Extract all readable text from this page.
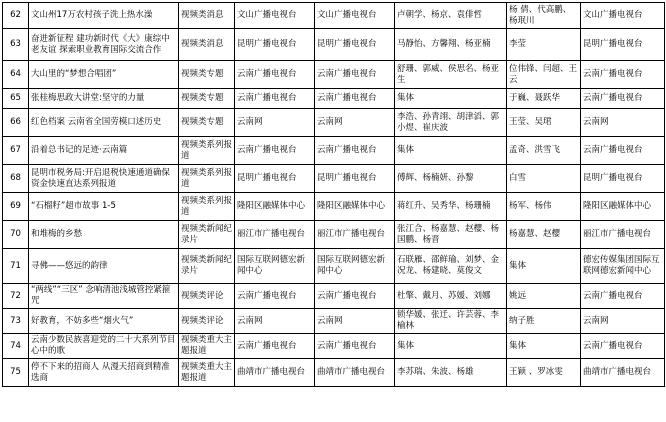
62	文山州17万农村孩子洗上热水澡	视频类消息	文山广播电视台	文山广播电视台	卢朝学、杨京、袁俳哲	杨 倩、代高鹏、杨珉川	文山广播电视台
63	奋进新征程 建功新时代《大》康综中老友谊 探索职业教育国际交流合作	视频类消息	昆明广播电视台	昆明广播电视台	马静怡、方馨翔、杨亚楠	李莹	昆明广播电视台
64	大山里的“梦想合唱团”	视频类专题	云南广播电视台	云南广播电视台	舒珊、郭威、侯思名、杨亚生	位伟锋、闫超、王云	云南广播电视台
65	张桂梅思政大讲堂:坚守的力量	视频类专题	云南广播电视台	云南广播电视台	集体	于巍、聂跃华	云南广播电视台
66	红色档案 云南省全国劳模口述历史	视频类专题	云南网	云南网	李浩、孙青翊、胡津滔、郭小煜、崔庆波	王莹、吴珺	云南网
67	沿着总书记的足迹·云南篇	视频类系列报道	云南广播电视台	云南广播电视台	集体	孟奇、洪雪飞	云南广播电视台
68	昆明市税务局:开启退税快速通道确保资金快速直达系列报道	视频类系列报道	昆明广播电视台	昆明广播电视台	傅辉、杨楠妍、孙黎	白雪	昆明广播电视台
69	“石榴籽”超市故事 1-5	视频类系列报道	隆阳区融媒体中心	隆阳区融媒体中心	蒋红升、吴秀华、杨珊楠	杨军、杨伟	隆阳区融媒体中心
70	和堆梅的乡愁	视频类新闻纪录片	丽江市广播电视台	丽江市广播电视台	张江合、杨嘉慧、赵樱、杨国鹏、杨晋	杨嘉慧、赵樱	丽江市广播电视台
71	寻佛——悠远的韵律	视频类新闻纪录片	国际互联网德宏新闻中心	国际互联网德宏新闻中心	石联雁、邵鲜瑜、刘梦、金况龙、杨建晓、莫俊文	集体	德宏传媒集团国际互联网德宏新闻中心
72	“两线”“三区” 念响清池浅城管控紧箍咒	视频类评论	云南广播电视台	云南广播电视台	杜擎、戴月、苏媛、刘娜	姚远	云南广播电视台
73	好教育，不妨多些“烟火气”	视频类评论	云南网	云南网	锁华媛、张迁、许芸蓉、李榆林	纳子胜	云南网
74	云南少数民族喜迎党的二十大系列节目心中的歌	视频类重大主题报道	云南广播电视台	云南广播电视台	集体	集体	云南广播电视台
75	停不下来的招商人 从漫天招商到精准选商	视频类重大主题报道	曲靖市广播电视台	曲靖市广播电视台	李苏瑞、朱波、杨雄	王颖 、罗冰雯	曲靖市广播电视台
